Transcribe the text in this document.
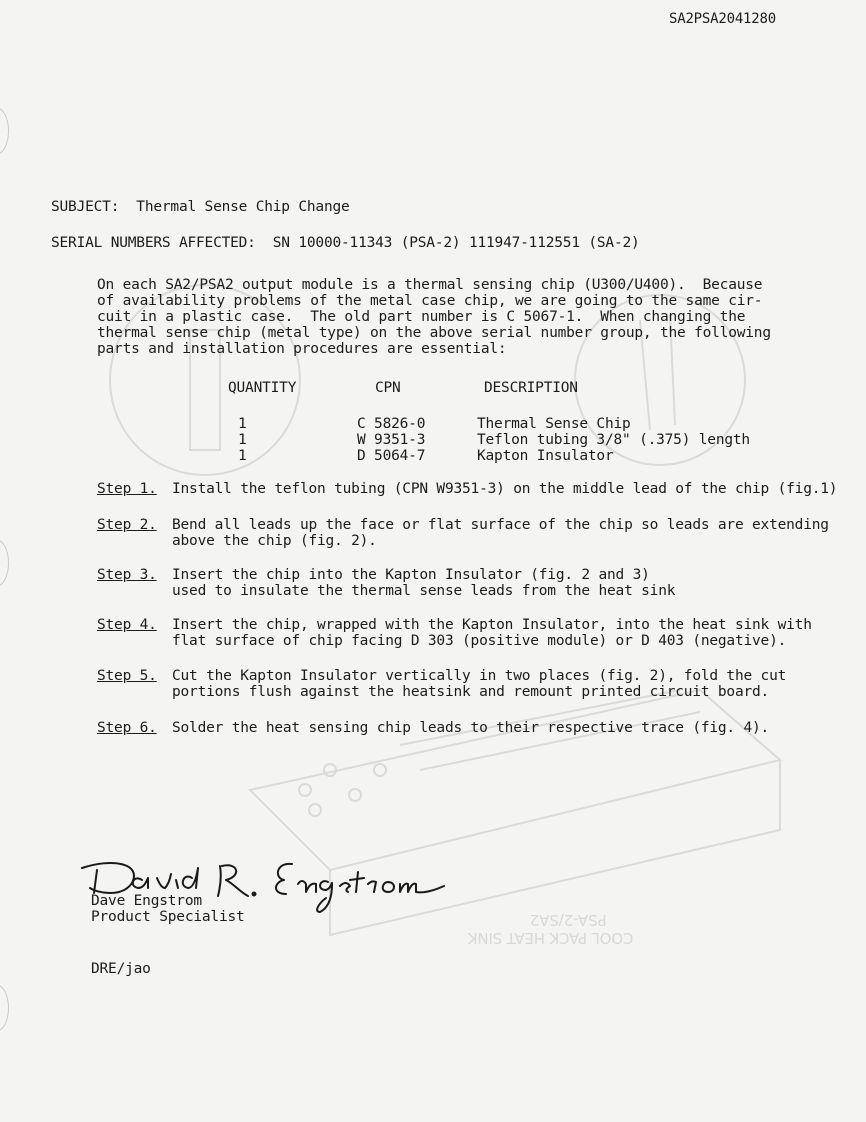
PSA-2/SA2
COOL PACK HEAT SINK
SA2PSA2041280
SUBJECT:  Thermal Sense Chip Change
SERIAL NUMBERS AFFECTED:  SN 10000-11343 (PSA-2) 111947-112551 (SA-2)
On each SA2/PSA2 output module is a thermal sensing chip (U300/U400).  Because
of availability problems of the metal case chip, we are going to the same cir-
cuit in a plastic case.  The old part number is C 5067-1.  When changing the
thermal sense chip (metal type) on the above serial number group, the following
parts and installation procedures are essential:
QUANTITY	CPN	DESCRIPTION
1	C 5826-0	Thermal Sense Chip
1	W 9351-3	Teflon tubing 3/8" (.375) length
1	D 5064-7	Kapton Insulator
Step 1. Install the teflon tubing (CPN W9351-3) on the middle lead of the chip (fig.1)
Step 2. Bend all leads up the face or flat surface of the chip so leads are extending
above the chip (fig. 2).
Step 3. Insert the chip into the Kapton Insulator (fig. 2 and 3)
used to insulate the thermal sense leads from the heat sink
Step 4. Insert the chip, wrapped with the Kapton Insulator, into the heat sink with
flat surface of chip facing D 303 (positive module) or D 403 (negative).
Step 5. Cut the Kapton Insulator vertically in two places (fig. 2), fold the cut
portions flush against the heatsink and remount printed circuit board.
Step 6. Solder the heat sensing chip leads to their respective trace (fig. 4).
Dave Engstrom
Product Specialist
DRE/jao
